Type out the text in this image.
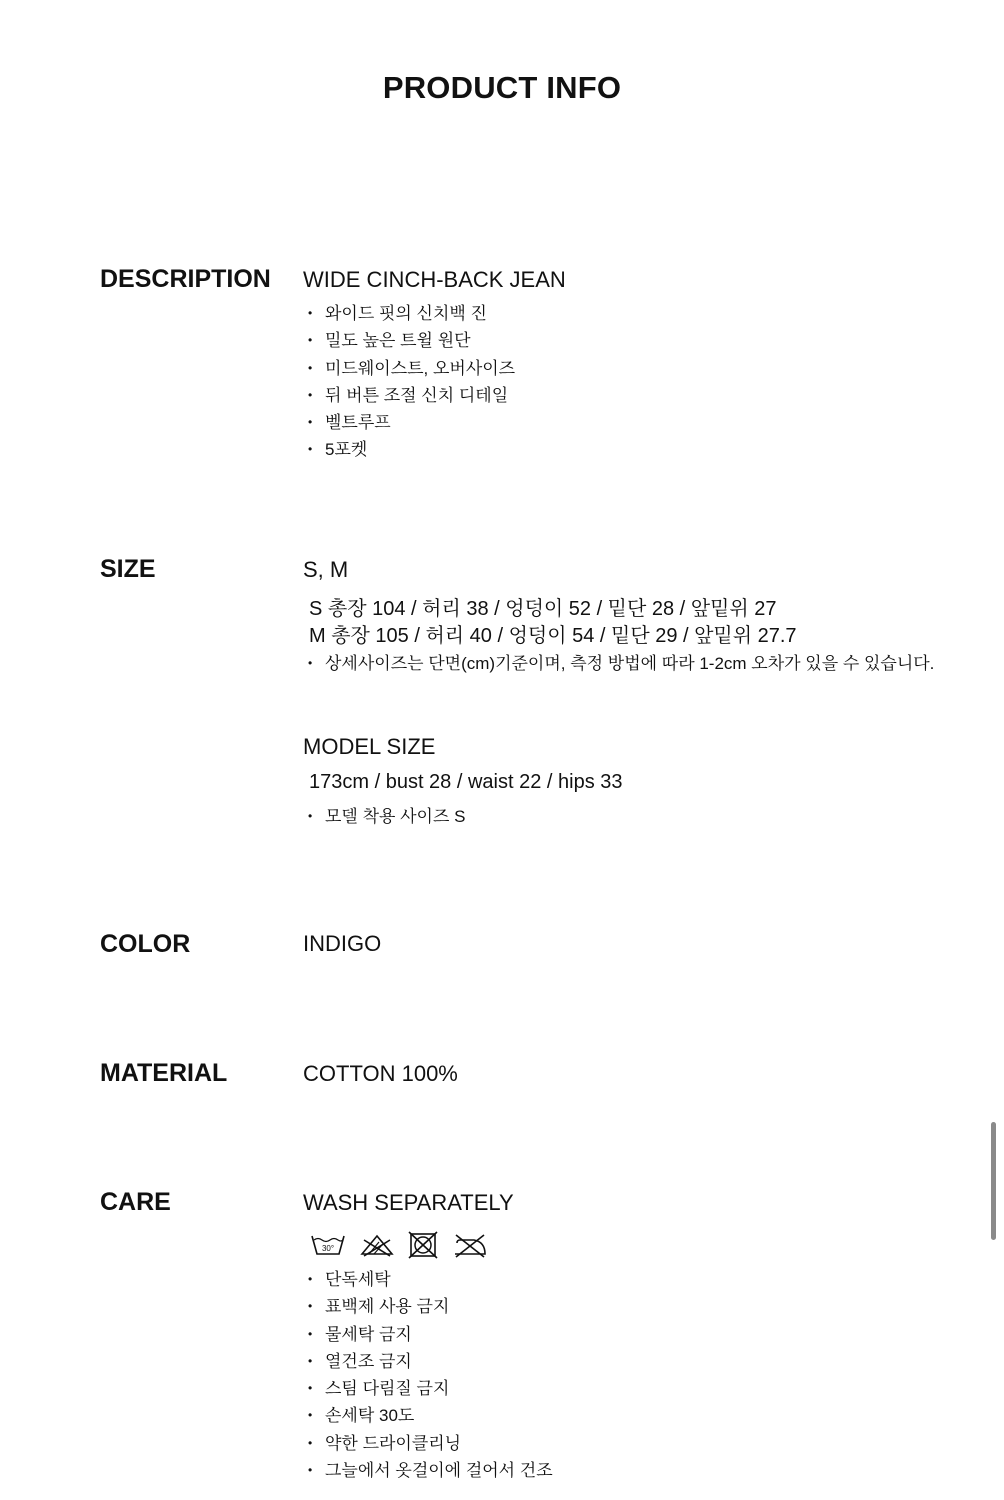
PRODUCT INFO
DESCRIPTION WIDE CINCH-BACK JEAN
• 와이드 핏의 신치백 진
• 밀도 높은 트윌 원단
• 미드웨이스트, 오버사이즈
• 뒤 버튼 조절 신치 디테일
• 벨트루프
• 5포켓
SIZE	S, M
S 총장 104 / 허리 38 / 엉덩이 52 / 밑단 28 / 앞밑위 27
M 총장 105 / 허리 40 / 엉덩이 54 / 밑단 29 / 앞밑위 27.7
• 상세사이즈는 단면(cm)기준이며, 측정 방법에 따라 1-2cm 오차가 있을 수 있습니다.
MODEL SIZE
173cm / bust 28 / waist 22 / hips 33
• 모델 착용 사이즈 S
COLOR	INDIGO
MATERIAL	COTTON 100%
CARE	WASH SEPARATELY
30°
• 단독세탁
• 표백제 사용 금지
• 물세탁 금지
• 열건조 금지
• 스팀 다림질 금지
• 손세탁 30도
• 약한 드라이클리닝
• 그늘에서 옷걸이에 걸어서 건조
